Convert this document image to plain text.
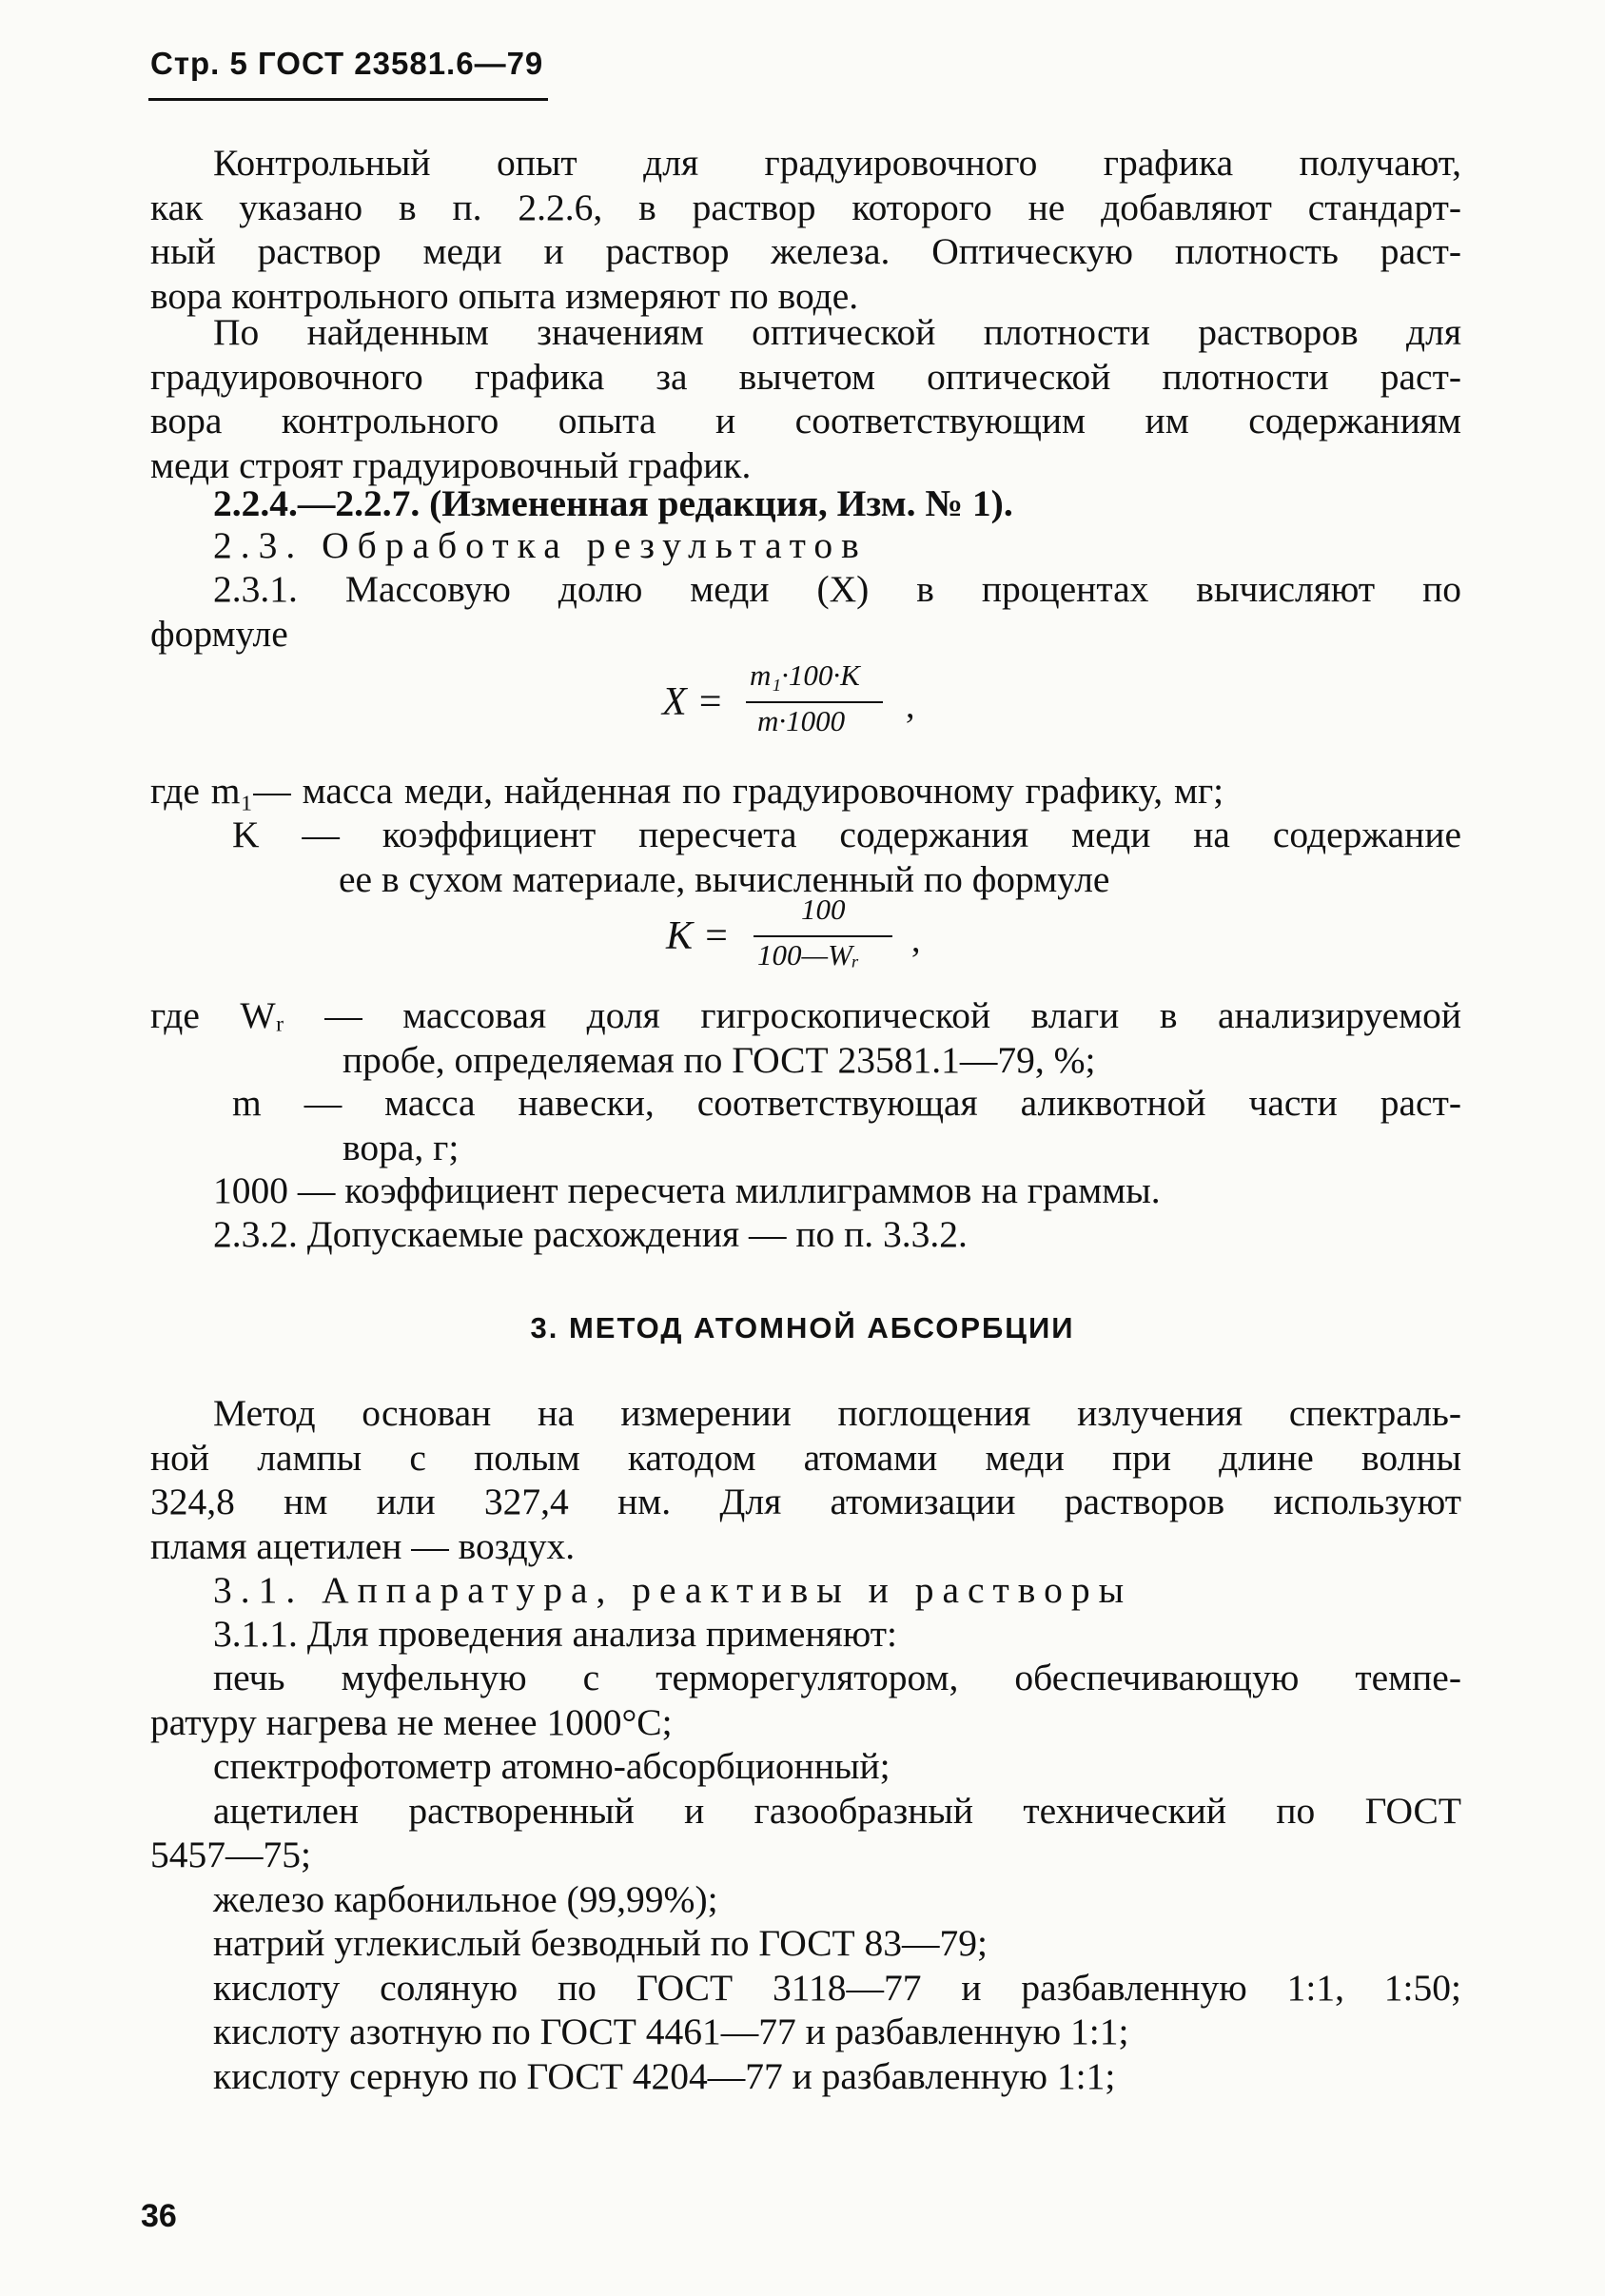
Стр. 5 ГОСТ 23581.6—79
Контрольный опыт для градуировочного графика получают,
как указано в п. 2.2.6, в раствор которого не добавляют стандарт-
ный раствор меди и раствор железа. Оптическую плотность раст-
вора контрольного опыта измеряют по воде.
По найденным значениям оптической плотности растворов для
градуировочного графика за вычетом оптической плотности раст-
вора контрольного опыта и соответствующим им содержаниям
меди строят градуировочный график.
2.2.4.—2.2.7. (Измененная редакция, Изм. № 1).
2.3. Обработка результатов
2.3.1. Массовую долю меди (X) в процентах вычисляют по
формуле
X =
m₁·100·K
m·1000 ,
где m₁— масса меди, найденная по градуировочному графику, мг;
K — коэффициент пересчета содержания меди на содержание
ее в сухом материале, вычисленный по формуле
K =
100
100—Wᵣ ,
где Wᵣ — массовая доля гигроскопической влаги в анализируемой
пробе, определяемая по ГОСТ 23581.1—79, %;
m — масса навески, соответствующая аликвотной части раст-
вора, г;
1000 — коэффициент пересчета миллиграммов на граммы.
2.3.2. Допускаемые расхождения — по п. 3.3.2.
3. МЕТОД АТОМНОЙ АБСОРБЦИИ
Метод основан на измерении поглощения излучения спектраль-
ной лампы с полым катодом атомами меди при длине волны
324,8 нм или 327,4 нм. Для атомизации растворов используют
пламя ацетилен — воздух.
3.1. Аппаратура, реактивы и растворы
3.1.1. Для проведения анализа применяют:
печь муфельную с терморегулятором, обеспечивающую темпе-
ратуру нагрева не менее 1000°С;
спектрофотометр атомно-абсорбционный;
ацетилен растворенный и газообразный технический по ГОСТ
5457—75;
железо карбонильное (99,99%);
натрий углекислый безводный по ГОСТ 83—79;
кислоту соляную по ГОСТ 3118—77 и разбавленную 1:1, 1:50;
кислоту азотную по ГОСТ 4461—77 и разбавленную 1:1;
кислоту серную по ГОСТ 4204—77 и разбавленную 1:1;
36
